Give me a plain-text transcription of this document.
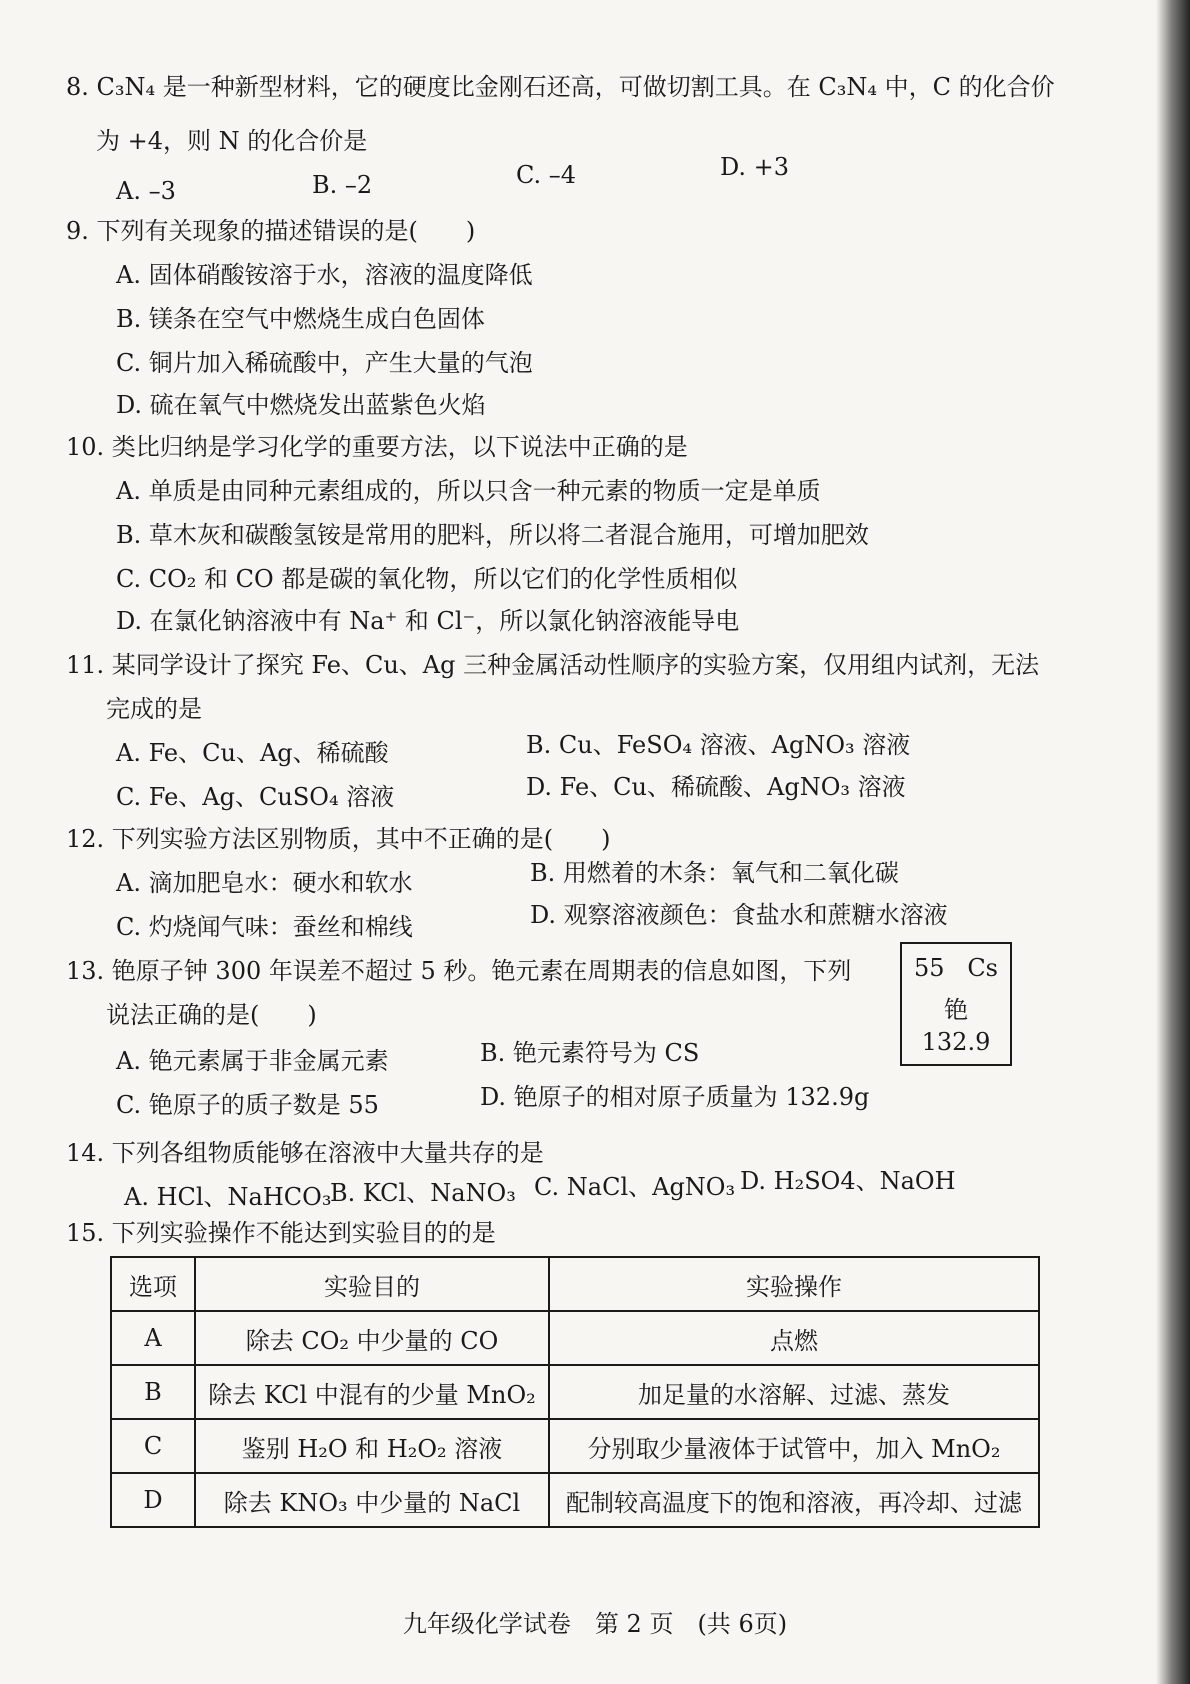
8. C₃N₄ 是一种新型材料，它的硬度比金刚石还高，可做切割工具。在 C₃N₄ 中，C 的化合价
为 +4，则 N 的化合价是
A. –3	B. –2	C. –4	D. +3
9. 下列有关现象的描述错误的是(　　)
A. 固体硝酸铵溶于水，溶液的温度降低
B. 镁条在空气中燃烧生成白色固体
C. 铜片加入稀硫酸中，产生大量的气泡
D. 硫在氧气中燃烧发出蓝紫色火焰
10. 类比归纳是学习化学的重要方法，以下说法中正确的是
A. 单质是由同种元素组成的，所以只含一种元素的物质一定是单质
B. 草木灰和碳酸氢铵是常用的肥料，所以将二者混合施用，可增加肥效
C. CO₂ 和 CO 都是碳的氧化物，所以它们的化学性质相似
D. 在氯化钠溶液中有 Na⁺ 和 Cl⁻，所以氯化钠溶液能导电
11. 某同学设计了探究 Fe、Cu、Ag 三种金属活动性顺序的实验方案，仅用组内试剂，无法
完成的是
A. Fe、Cu、Ag、稀硫酸	B. Cu、FeSO₄ 溶液、AgNO₃ 溶液
C. Fe、Ag、CuSO₄ 溶液	D. Fe、Cu、稀硫酸、AgNO₃ 溶液
12. 下列实验方法区别物质，其中不正确的是(　　)
A. 滴加肥皂水：硬水和软水	B. 用燃着的木条：氧气和二氧化碳
C. 灼烧闻气味：蚕丝和棉线	D. 观察溶液颜色：食盐水和蔗糖水溶液
13. 铯原子钟 300 年误差不超过 5 秒。铯元素在周期表的信息如图，下列
说法正确的是(　　)
A. 铯元素属于非金属元素	B. 铯元素符号为 CS
C. 铯原子的质子数是 55	D. 铯原子的相对原子质量为 132.9g
55 Cs
铯
132.9
14. 下列各组物质能够在溶液中大量共存的是
A. HCl、NaHCO₃
B. KCl、NaNO₃ C. NaCl、AgNO₃ D. H₂SO4、NaOH
15. 下列实验操作不能达到实验目的的是
选项	实验目的	实验操作
A	除去 CO₂ 中少量的 CO	点燃
B	除去 KCl 中混有的少量 MnO₂	加足量的水溶解、过滤、蒸发
C	鉴别 H₂O 和 H₂O₂ 溶液	分别取少量液体于试管中，加入 MnO₂
D	除去 KNO₃ 中少量的 NaCl	配制较高温度下的饱和溶液，再冷却、过滤
九年级化学试卷　第 2 页　(共 6页)
